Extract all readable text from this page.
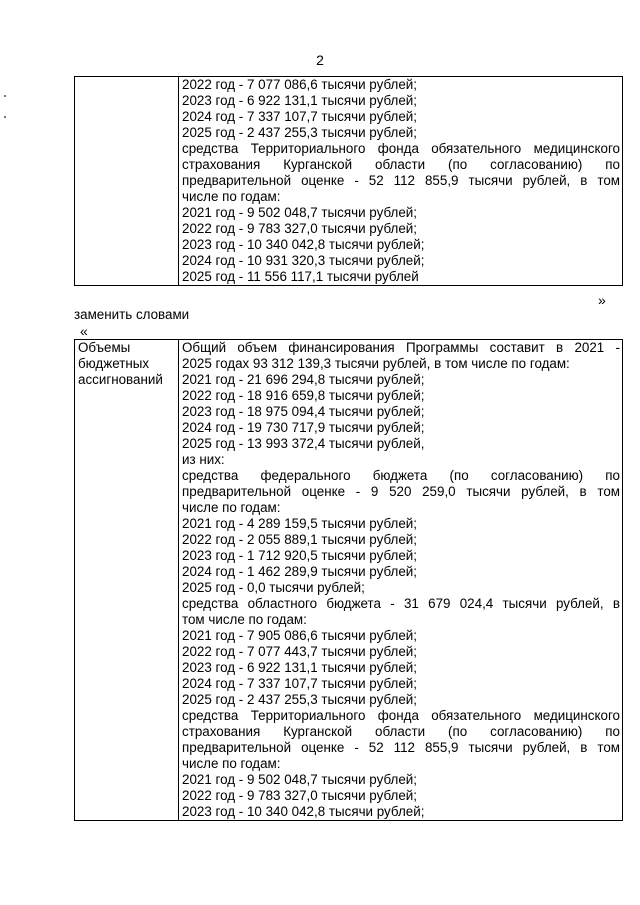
2

2022 год - 7 077 086,6 тысячи рублей;
2023 год - 6 922 131,1 тысячи рублей;
2024 год - 7 337 107,7 тысячи рублей;
2025 год - 2 437 255,3 тысячи рублей;
средства Территориального фонда обязательного медицинского
страхования Курганской области (по согласованию) по
предварительной оценке - 52 112 855,9 тысячи рублей, в том
числе по годам:
2021 год - 9 502 048,7 тысячи рублей;
2022 год - 9 783 327,0 тысячи рублей;
2023 год - 10 340 042,8 тысячи рублей;
2024 год - 10 931 320,3 тысячи рублей;
2025 год - 11 556 117,1 тысячи рублей
»
заменить словами
«
Объемы
бюджетных
ассигнований

Общий объем финансирования Программы составит в 2021 -
2025 годах 93 312 139,3 тысячи рублей, в том числе по годам:
2021 год - 21 696 294,8 тысячи рублей;
2022 год - 18 916 659,8 тысячи рублей;
2023 год - 18 975 094,4 тысячи рублей;
2024 год - 19 730 717,9 тысячи рублей;
2025 год - 13 993 372,4 тысячи рублей,
из них:
средства федерального бюджета (по согласованию) по
предварительной оценке - 9 520 259,0 тысячи рублей, в том
числе по годам:
2021 год - 4 289 159,5 тысячи рублей;
2022 год - 2 055 889,1 тысячи рублей;
2023 год - 1 712 920,5 тысячи рублей;
2024 год - 1 462 289,9 тысячи рублей;
2025 год - 0,0 тысячи рублей;
средства областного бюджета - 31 679 024,4 тысячи рублей, в
том числе по годам:
2021 год - 7 905 086,6 тысячи рублей;
2022 год - 7 077 443,7 тысячи рублей;
2023 год - 6 922 131,1 тысячи рублей;
2024 год - 7 337 107,7 тысячи рублей;
2025 год - 2 437 255,3 тысячи рублей;
средства Территориального фонда обязательного медицинского
страхования Курганской области (по согласованию) по
предварительной оценке - 52 112 855,9 тысячи рублей, в том
числе по годам:
2021 год - 9 502 048,7 тысячи рублей;
2022 год - 9 783 327,0 тысячи рублей;
2023 год - 10 340 042,8 тысячи рублей;
